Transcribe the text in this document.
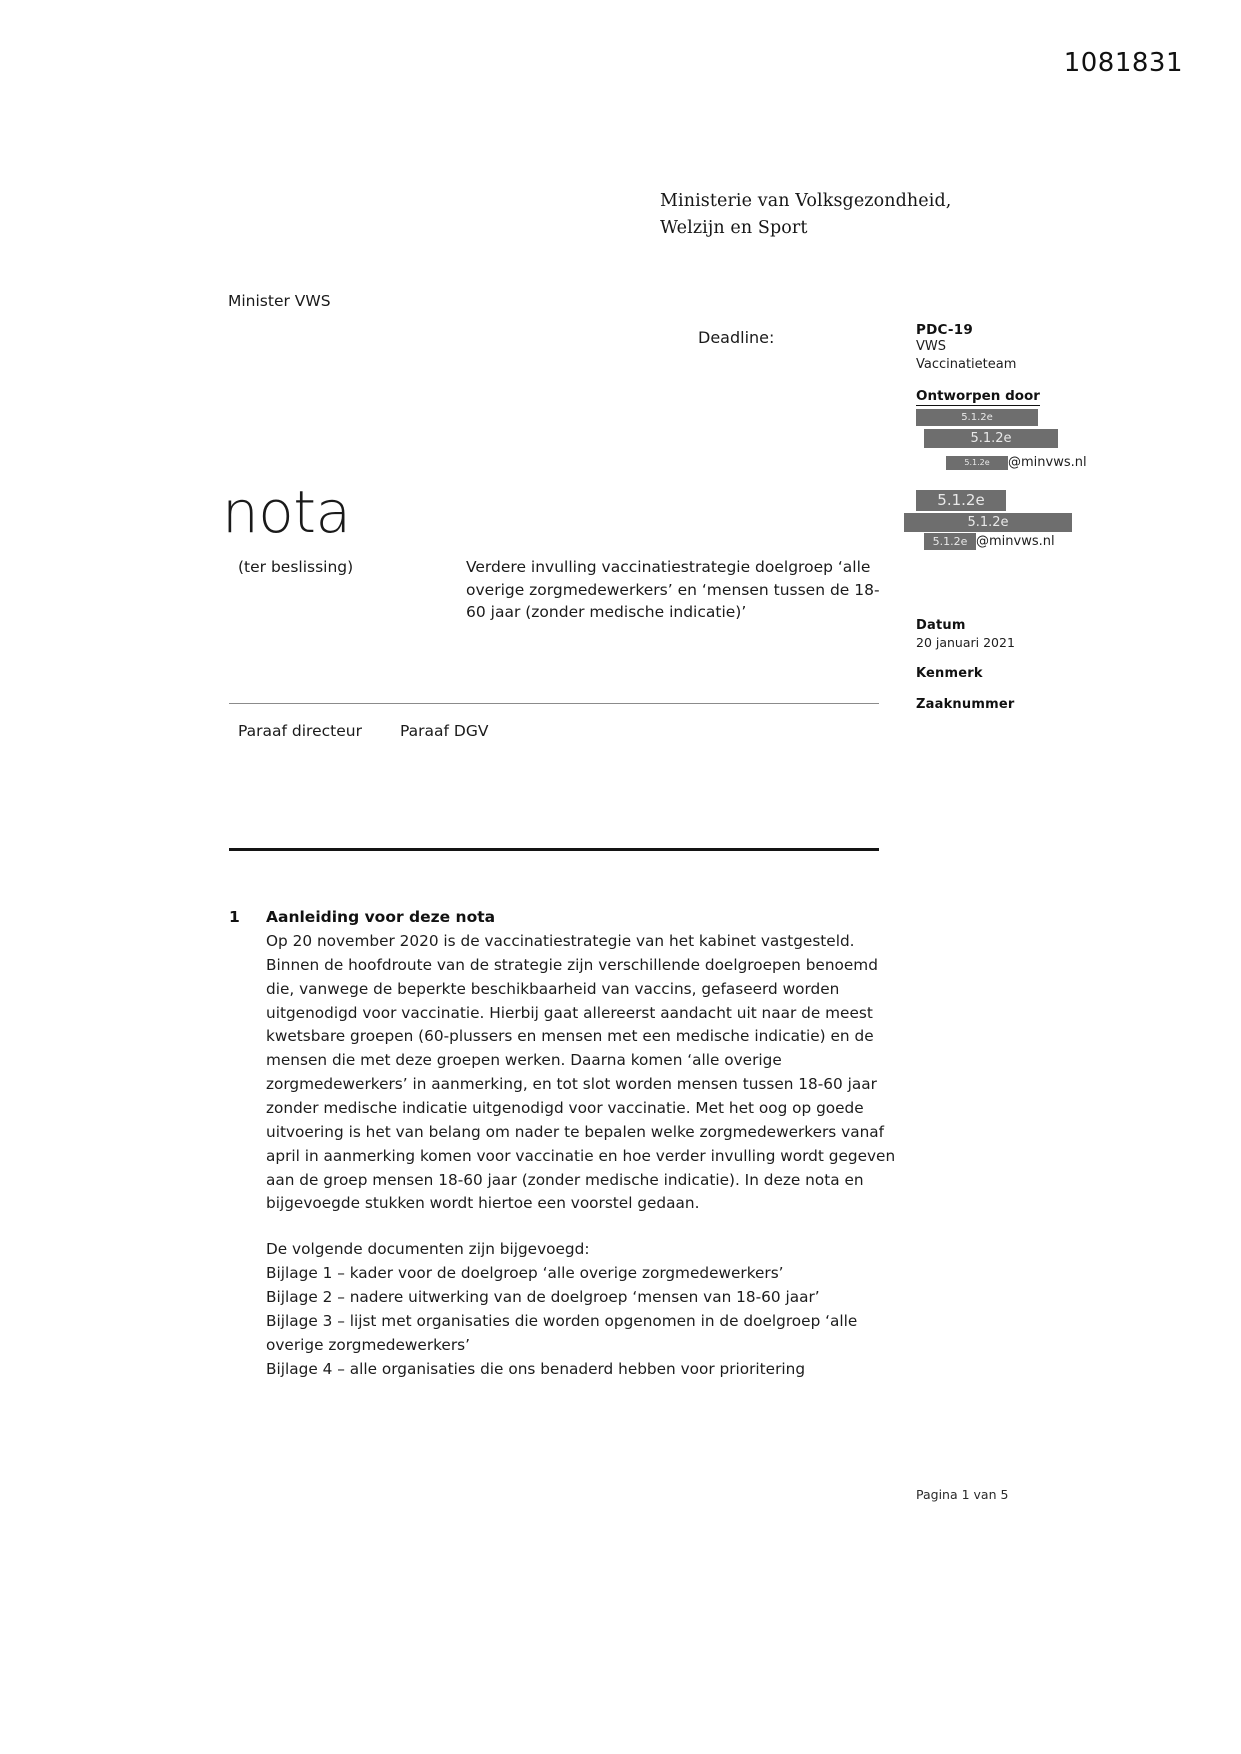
1081831
Ministerie van Volksgezondheid,
Welzijn en Sport
Minister VWS
Deadline:	PDC-19
VWS
Vaccinatieteam
Ontworpen door
5.1.2e
5.1.2e
5.1.2e @minvws.nl
5.1.2e
5.1.2e
5.1.2e @minvws.nl
nota
(ter beslissing)	Verdere invulling vaccinatiestrategie doelgroep ‘alle overige zorgmedewerkers’ en ‘mensen tussen de 18-60 jaar (zonder medische indicatie)’
Datum
20 januari 2021
Kenmerk
Zaaknummer
Paraaf directeur Paraaf DGV
1 Aanleiding voor deze nota

Op 20 november 2020 is de vaccinatiestrategie van het kabinet vastgesteld. Binnen de hoofdroute van de strategie zijn verschillende doelgroepen benoemd die, vanwege de beperkte beschikbaarheid van vaccins, gefaseerd worden uitgenodigd voor vaccinatie. Hierbij gaat allereerst aandacht uit naar de meest kwetsbare groepen (60-plussers en mensen met een medische indicatie) en de mensen die met deze groepen werken. Daarna komen ‘alle overige zorgmedewerkers’ in aanmerking, en tot slot worden mensen tussen 18-60 jaar zonder medische indicatie uitgenodigd voor vaccinatie. Met het oog op goede uitvoering is het van belang om nader te bepalen welke zorgmedewerkers vanaf april in aanmerking komen voor vaccinatie en hoe verder invulling wordt gegeven aan de groep mensen 18-60 jaar (zonder medische indicatie). In deze nota en bijgevoegde stukken wordt hiertoe een voorstel gedaan.

De volgende documenten zijn bijgevoegd:

Bijlage 1 – kader voor de doelgroep ‘alle overige zorgmedewerkers’

Bijlage 2 – nadere uitwerking van de doelgroep ‘mensen van 18-60 jaar’

Bijlage 3 – lijst met organisaties die worden opgenomen in de doelgroep ‘alle overige zorgmedewerkers’

Bijlage 4 – alle organisaties die ons benaderd hebben voor prioritering

Pagina 1 van 5
